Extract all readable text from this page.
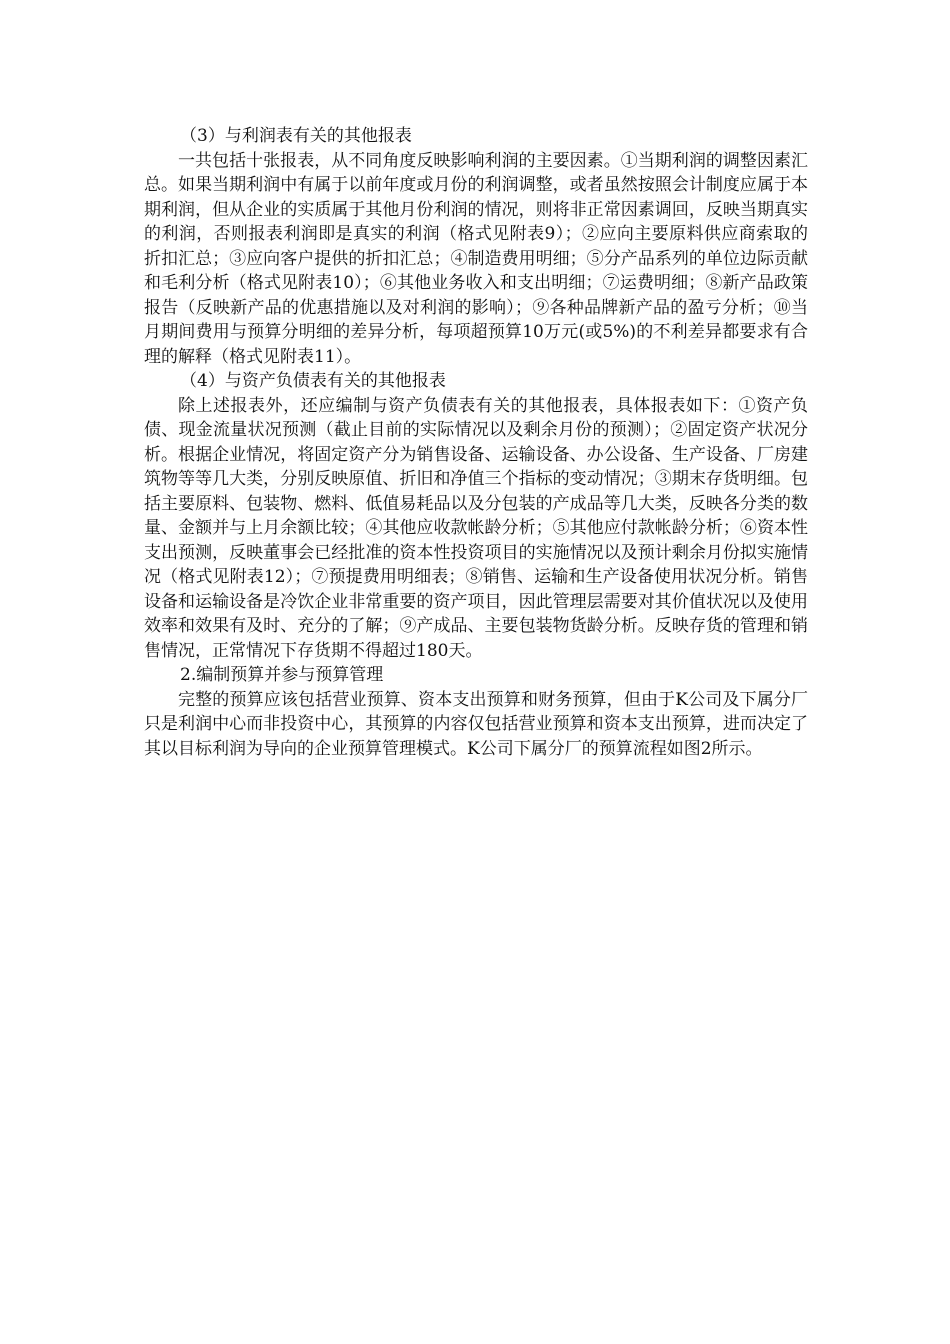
（3）与利润表有关的其他报表

一共包括十张报表，从不同角度反映影响利润的主要因素。①当期利润的调整因素汇总。如果当期利润中有属于以前年度或月份的利润调整，或者虽然按照会计制度应属于本期利润，但从企业的实质属于其他月份利润的情况，则将非正常因素调回，反映当期真实的利润，否则报表利润即是真实的利润（格式见附表9）；②应向主要原料供应商索取的折扣汇总；③应向客户提供的折扣汇总；④制造费用明细；⑤分产品系列的单位边际贡献和毛利分析（格式见附表10）；⑥其他业务收入和支出明细；⑦运费明细；⑧新产品政策报告（反映新产品的优惠措施以及对利润的影响）；⑨各种品牌新产品的盈亏分析；⑩当月期间费用与预算分明细的差异分析，每项超预算10万元(或5%)的不利差异都要求有合理的解释（格式见附表11）。

（4）与资产负债表有关的其他报表

除上述报表外，还应编制与资产负债表有关的其他报表，具体报表如下：①资产负债、现金流量状况预测（截止目前的实际情况以及剩余月份的预测）；②固定资产状况分析。根据企业情况，将固定资产分为销售设备、运输设备、办公设备、生产设备、厂房建筑物等等几大类，分别反映原值、折旧和净值三个指标的变动情况；③期末存货明细。包括主要原料、包装物、燃料、低值易耗品以及分包装的产成品等几大类，反映各分类的数量、金额并与上月余额比较；④其他应收款帐龄分析；⑤其他应付款帐龄分析；⑥资本性支出预测，反映董事会已经批准的资本性投资项目的实施情况以及预计剩余月份拟实施情况（格式见附表12）；⑦预提费用明细表；⑧销售、运输和生产设备使用状况分析。销售设备和运输设备是冷饮企业非常重要的资产项目，因此管理层需要对其价值状况以及使用效率和效果有及时、充分的了解；⑨产成品、主要包装物货龄分析。反映存货的管理和销售情况，正常情况下存货期不得超过180天。

2.编制预算并参与预算管理

完整的预算应该包括营业预算、资本支出预算和财务预算，但由于K公司及下属分厂只是利润中心而非投资中心，其预算的内容仅包括营业预算和资本支出预算，进而决定了其以目标利润为导向的企业预算管理模式。K公司下属分厂的预算流程如图2所示。
